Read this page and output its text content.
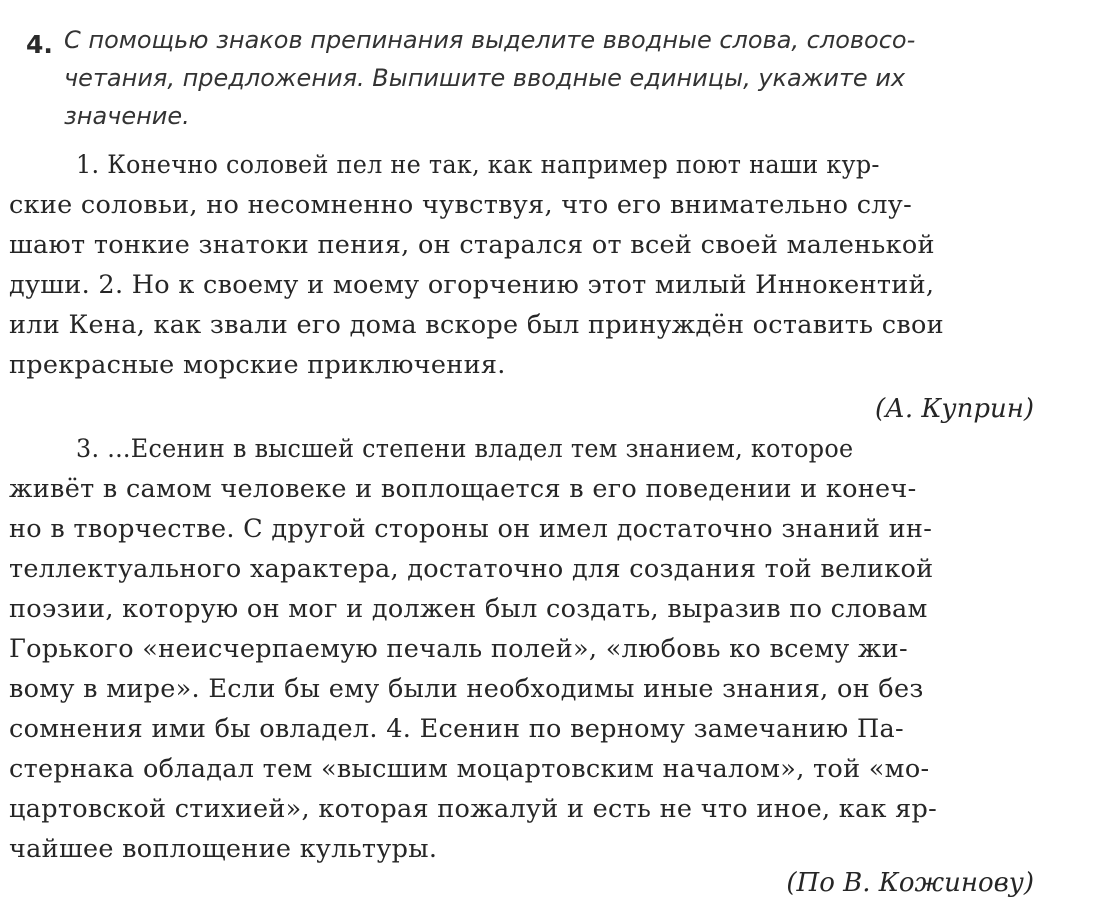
4. С помощью знаков препинания выделите вводные слова, словосо-
четания, предложения. Выпишите вводные единицы, укажите их
значение.
1. Конечно соловей пел не так, как например поют наши кур-
ские соловьи, но несомненно чувствуя, что его внимательно слу-
шают тонкие знатоки пения, он старался от всей своей маленькой
души. 2. Но к своему и моему огорчению этот милый Иннокентий,
или Кена, как звали его дома вскоре был принуждён оставить свои
прекрасные морские приключения.
(А. Куприн)
3. ...Есенин в высшей степени владел тем знанием, которое
живёт в самом человеке и воплощается в его поведении и конеч-
но в творчестве. С другой стороны он имел достаточно знаний ин-
теллектуального характера, достаточно для создания той великой
поэзии, которую он мог и должен был создать, выразив по словам
Горького «неисчерпаемую печаль полей», «любовь ко всему жи-
вому в мире». Если бы ему были необходимы иные знания, он без
сомнения ими бы овладел. 4. Есенин по верному замечанию Па-
стернака обладал тем «высшим моцартовским началом», той «мо-
цартовской стихией», которая пожалуй и есть не что иное, как яр-
чайшее воплощение культуры.
(По В. Кожинову)
